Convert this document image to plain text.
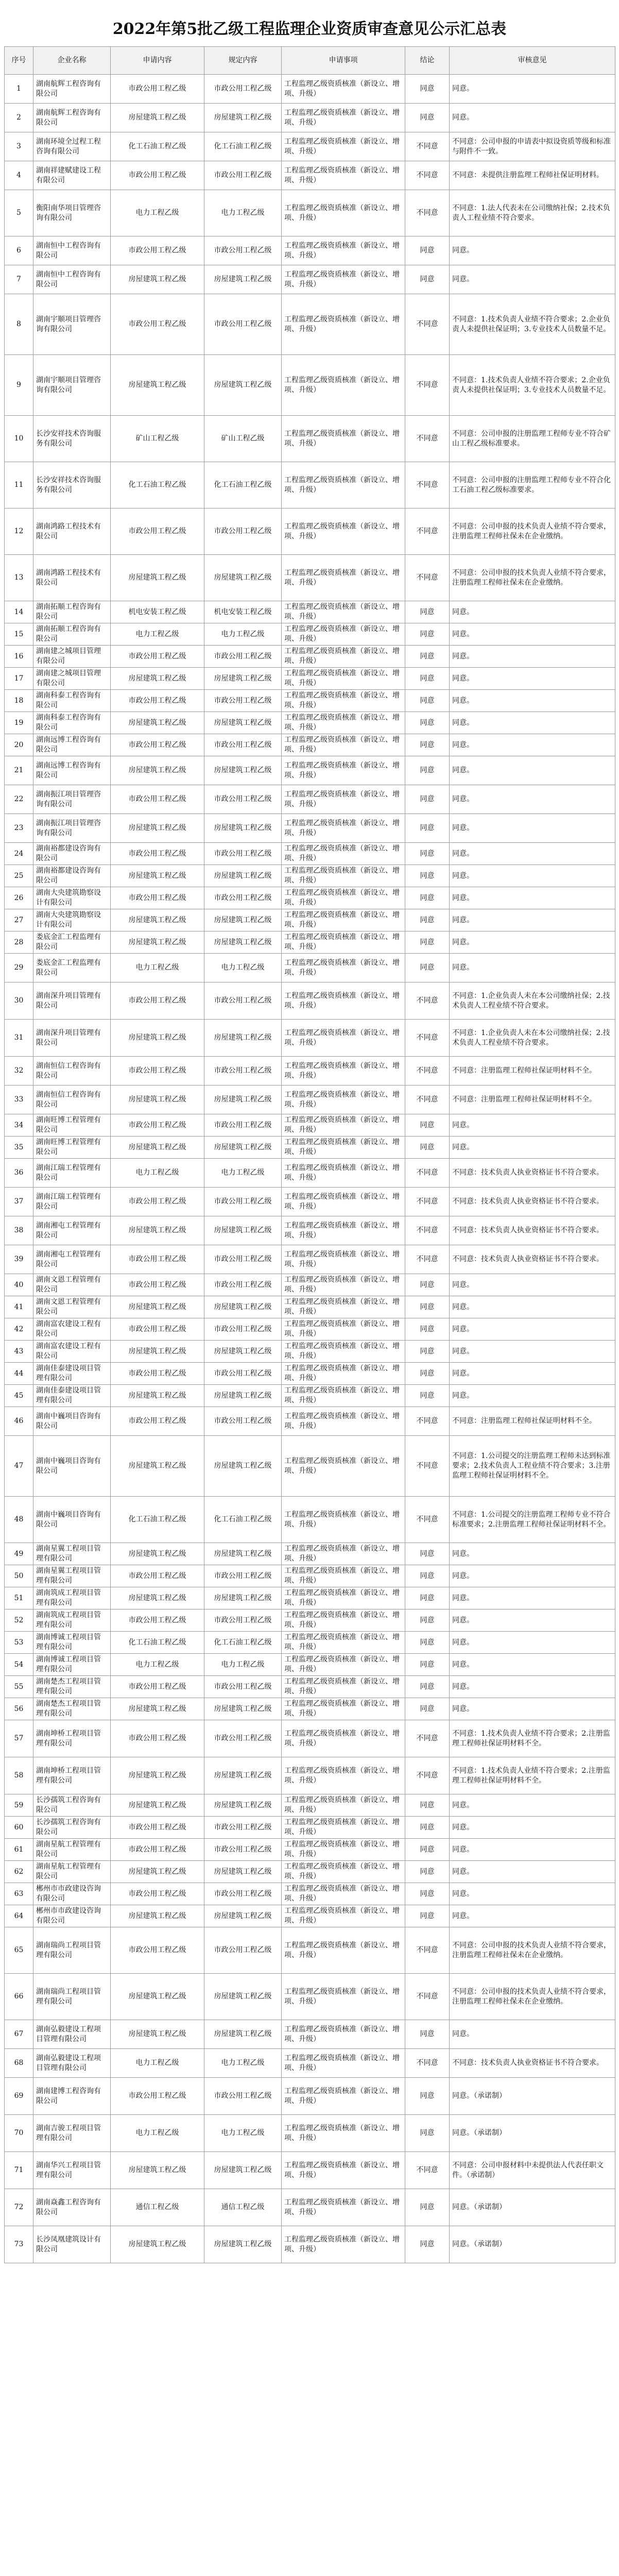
2022年第5批乙级工程监理企业资质审查意见公示汇总表
序号	企业名称	申请内容	规定内容	申请事项	结论	审核意见
1	湖南航辉工程咨询有限公司	市政公用工程乙级	市政公用工程乙级	工程监理乙级资质核准（新设立、增项、升级）	同意	同意。
2	湖南航辉工程咨询有限公司	房屋建筑工程乙级	房屋建筑工程乙级	工程监理乙级资质核准（新设立、增项、升级）	同意	同意。
3	湖南环境全过程工程咨询有限公司	化工石油工程乙级	化工石油工程乙级	工程监理乙级资质核准（新设立、增项、升级）	不同意	不同意：公司申报的申请表中拟设资质等级和标准与附件不一致。
4	湖南祥建赋建设工程有限公司	市政公用工程乙级	市政公用工程乙级	工程监理乙级资质核准（新设立、增项、升级）	不同意	不同意：未提供注册监理工程师社保证明材料。
5	衡阳南华项目管理咨询有限公司	电力工程乙级	电力工程乙级	工程监理乙级资质核准（新设立、增项、升级）	不同意	不同意：1.法人代表未在公司缴纳社保；2.技术负责人工程业绩不符合要求。
6	湖南恒中工程咨询有限公司	市政公用工程乙级	市政公用工程乙级	工程监理乙级资质核准（新设立、增项、升级）	同意	同意。
7	湖南恒中工程咨询有限公司	房屋建筑工程乙级	房屋建筑工程乙级	工程监理乙级资质核准（新设立、增项、升级）	同意	同意。
8	湖南宇顺项目管理咨询有限公司	市政公用工程乙级	市政公用工程乙级	工程监理乙级资质核准（新设立、增项、升级）	不同意	不同意：1.技术负责人业绩不符合要求；2.企业负责人未提供社保证明；3.专业技术人员数量不足。
9	湖南宇顺项目管理咨询有限公司	房屋建筑工程乙级	房屋建筑工程乙级	工程监理乙级资质核准（新设立、增项、升级）	不同意	不同意：1.技术负责人业绩不符合要求；2.企业负责人未提供社保证明；3.专业技术人员数量不足。
10	长沙安祥技术咨询服务有限公司	矿山工程乙级	矿山工程乙级	工程监理乙级资质核准（新设立、增项、升级）	不同意	不同意：公司申报的注册监理工程师专业不符合矿山工程乙级标准要求。
11	长沙安祥技术咨询服务有限公司	化工石油工程乙级	化工石油工程乙级	工程监理乙级资质核准（新设立、增项、升级）	不同意	不同意：公司申报的注册监理工程师专业不符合化工石油工程乙级标准要求。
12	湖南鸿路工程技术有限公司	市政公用工程乙级	市政公用工程乙级	工程监理乙级资质核准（新设立、增项、升级）	不同意	不同意：公司申报的技术负责人业绩不符合要求，注册监理工程师社保未在企业缴纳。
13	湖南鸿路工程技术有限公司	房屋建筑工程乙级	房屋建筑工程乙级	工程监理乙级资质核准（新设立、增项、升级）	不同意	不同意：公司申报的技术负责人业绩不符合要求，注册监理工程师社保未在企业缴纳。
14	湖南拓顺工程咨询有限公司	机电安装工程乙级	机电安装工程乙级	工程监理乙级资质核准（新设立、增项、升级）	同意	同意。
15	湖南拓顺工程咨询有限公司	电力工程乙级	电力工程乙级	工程监理乙级资质核准（新设立、增项、升级）	同意	同意。
16	湖南建之城项目管理有限公司	市政公用工程乙级	市政公用工程乙级	工程监理乙级资质核准（新设立、增项、升级）	同意	同意。
17	湖南建之城项目管理有限公司	房屋建筑工程乙级	房屋建筑工程乙级	工程监理乙级资质核准（新设立、增项、升级）	同意	同意。
18	湖南科泰工程咨询有限公司	市政公用工程乙级	市政公用工程乙级	工程监理乙级资质核准（新设立、增项、升级）	同意	同意。
19	湖南科泰工程咨询有限公司	房屋建筑工程乙级	房屋建筑工程乙级	工程监理乙级资质核准（新设立、增项、升级）	同意	同意。
20	湖南远博工程咨询有限公司	市政公用工程乙级	市政公用工程乙级	工程监理乙级资质核准（新设立、增项、升级）	同意	同意。
21	湖南远博工程咨询有限公司	房屋建筑工程乙级	房屋建筑工程乙级	工程监理乙级资质核准（新设立、增项、升级）	同意	同意。
22	湖南振江项目管理咨询有限公司	市政公用工程乙级	市政公用工程乙级	工程监理乙级资质核准（新设立、增项、升级）	同意	同意。
23	湖南振江项目管理咨询有限公司	房屋建筑工程乙级	房屋建筑工程乙级	工程监理乙级资质核准（新设立、增项、升级）	同意	同意。
24	湖南裕都建设咨询有限公司	市政公用工程乙级	市政公用工程乙级	工程监理乙级资质核准（新设立、增项、升级）	同意	同意。
25	湖南裕都建设咨询有限公司	房屋建筑工程乙级	房屋建筑工程乙级	工程监理乙级资质核准（新设立、增项、升级）	同意	同意。
26	湖南大央建筑勘察设计有限公司	市政公用工程乙级	市政公用工程乙级	工程监理乙级资质核准（新设立、增项、升级）	同意	同意。
27	湖南大央建筑勘察设计有限公司	房屋建筑工程乙级	房屋建筑工程乙级	工程监理乙级资质核准（新设立、增项、升级）	同意	同意。
28	娄底金汇工程监理有限公司	房屋建筑工程乙级	房屋建筑工程乙级	工程监理乙级资质核准（新设立、增项、升级）	同意	同意。
29	娄底金汇工程监理有限公司	电力工程乙级	电力工程乙级	工程监理乙级资质核准（新设立、增项、升级）	同意	同意。
30	湖南深升项目管理有限公司	市政公用工程乙级	市政公用工程乙级	工程监理乙级资质核准（新设立、增项、升级）	不同意	不同意：1.企业负责人未在本公司缴纳社保；2.技术负责人工程业绩不符合要求。
31	湖南深升项目管理有限公司	房屋建筑工程乙级	房屋建筑工程乙级	工程监理乙级资质核准（新设立、增项、升级）	不同意	不同意：1.企业负责人未在本公司缴纳社保；2.技术负责人工程业绩不符合要求。
32	湖南恒信工程咨询有限公司	市政公用工程乙级	市政公用工程乙级	工程监理乙级资质核准（新设立、增项、升级）	不同意	不同意：注册监理工程师社保证明材料不全。
33	湖南恒信工程咨询有限公司	房屋建筑工程乙级	房屋建筑工程乙级	工程监理乙级资质核准（新设立、增项、升级）	不同意	不同意：注册监理工程师社保证明材料不全。
34	湖南旺博工程管理有限公司	市政公用工程乙级	市政公用工程乙级	工程监理乙级资质核准（新设立、增项、升级）	同意	同意。
35	湖南旺博工程管理有限公司	房屋建筑工程乙级	房屋建筑工程乙级	工程监理乙级资质核准（新设立、增项、升级）	同意	同意。
36	湖南江瑞工程管理有限公司	电力工程乙级	电力工程乙级	工程监理乙级资质核准（新设立、增项、升级）	不同意	不同意：技术负责人执业资格证书不符合要求。
37	湖南江瑞工程管理有限公司	市政公用工程乙级	市政公用工程乙级	工程监理乙级资质核准（新设立、增项、升级）	不同意	不同意：技术负责人执业资格证书不符合要求。
38	湖南湘屯工程管理有限公司	房屋建筑工程乙级	房屋建筑工程乙级	工程监理乙级资质核准（新设立、增项、升级）	不同意	不同意：技术负责人执业资格证书不符合要求。
39	湖南湘屯工程管理有限公司	市政公用工程乙级	市政公用工程乙级	工程监理乙级资质核准（新设立、增项、升级）	不同意	不同意：技术负责人执业资格证书不符合要求。
40	湖南文恩工程管理有限公司	市政公用工程乙级	市政公用工程乙级	工程监理乙级资质核准（新设立、增项、升级）	同意	同意。
41	湖南文恩工程管理有限公司	房屋建筑工程乙级	房屋建筑工程乙级	工程监理乙级资质核准（新设立、增项、升级）	同意	同意。
42	湖南富农建设工程有限公司	市政公用工程乙级	市政公用工程乙级	工程监理乙级资质核准（新设立、增项、升级）	同意	同意。
43	湖南富农建设工程有限公司	房屋建筑工程乙级	房屋建筑工程乙级	工程监理乙级资质核准（新设立、增项、升级）	同意	同意。
44	湖南佳泰建设项目管理有限公司	市政公用工程乙级	市政公用工程乙级	工程监理乙级资质核准（新设立、增项、升级）	同意	同意。
45	湖南佳泰建设项目管理有限公司	房屋建筑工程乙级	房屋建筑工程乙级	工程监理乙级资质核准（新设立、增项、升级）	同意	同意。
46	湖南中巍项目咨询有限公司	市政公用工程乙级	市政公用工程乙级	工程监理乙级资质核准（新设立、增项、升级）	不同意	不同意：注册监理工程师社保证明材料不全。
47	湖南中巍项目咨询有限公司	房屋建筑工程乙级	房屋建筑工程乙级	工程监理乙级资质核准（新设立、增项、升级）	不同意	不同意：1.公司提交的注册监理工程师未达到标准要求；2.技术负责人工程业绩不符合要求；3.注册监理工程师社保证明材料不全。
48	湖南中巍项目咨询有限公司	化工石油工程乙级	化工石油工程乙级	工程监理乙级资质核准（新设立、增项、升级）	不同意	不同意：1.公司提交的注册监理工程师专业不符合标准要求；2.注册监理工程师社保证明材料不全。
49	湖南星翼工程项目管理有限公司	房屋建筑工程乙级	房屋建筑工程乙级	工程监理乙级资质核准（新设立、增项、升级）	同意	同意。
50	湖南星翼工程项目管理有限公司	市政公用工程乙级	市政公用工程乙级	工程监理乙级资质核准（新设立、增项、升级）	同意	同意。
51	湖南筑成工程项目管理有限公司	房屋建筑工程乙级	房屋建筑工程乙级	工程监理乙级资质核准（新设立、增项、升级）	同意	同意。
52	湖南筑成工程项目管理有限公司	市政公用工程乙级	市政公用工程乙级	工程监理乙级资质核准（新设立、增项、升级）	同意	同意。
53	湖南博诚工程项目管理有限公司	化工石油工程乙级	化工石油工程乙级	工程监理乙级资质核准（新设立、增项、升级）	同意	同意。
54	湖南博诚工程项目管理有限公司	电力工程乙级	电力工程乙级	工程监理乙级资质核准（新设立、增项、升级）	同意	同意。
55	湖南楚杰工程项目管理有限公司	市政公用工程乙级	市政公用工程乙级	工程监理乙级资质核准（新设立、增项、升级）	同意	同意。
56	湖南楚杰工程项目管理有限公司	房屋建筑工程乙级	房屋建筑工程乙级	工程监理乙级资质核准（新设立、增项、升级）	同意	同意。
57	湖南坤桥工程项目管理有限公司	市政公用工程乙级	市政公用工程乙级	工程监理乙级资质核准（新设立、增项、升级）	不同意	不同意：1.技术负责人业绩不符合要求；2.注册监理工程师社保证明材料不全。
58	湖南坤桥工程项目管理有限公司	房屋建筑工程乙级	房屋建筑工程乙级	工程监理乙级资质核准（新设立、增项、升级）	不同意	不同意：1.技术负责人业绩不符合要求；2.注册监理工程师社保证明材料不全。
59	长沙孺筑工程咨询有限公司	房屋建筑工程乙级	房屋建筑工程乙级	工程监理乙级资质核准（新设立、增项、升级）	同意	同意。
60	长沙孺筑工程咨询有限公司	市政公用工程乙级	市政公用工程乙级	工程监理乙级资质核准（新设立、增项、升级）	同意	同意。
61	湖南星航工程管理有限公司	市政公用工程乙级	市政公用工程乙级	工程监理乙级资质核准（新设立、增项、升级）	同意	同意。
62	湖南星航工程管理有限公司	房屋建筑工程乙级	房屋建筑工程乙级	工程监理乙级资质核准（新设立、增项、升级）	同意	同意。
63	郴州市市政建设咨询有限公司	市政公用工程乙级	市政公用工程乙级	工程监理乙级资质核准（新设立、增项、升级）	同意	同意。
64	郴州市市政建设咨询有限公司	房屋建筑工程乙级	房屋建筑工程乙级	工程监理乙级资质核准（新设立、增项、升级）	同意	同意。
65	湖南瑞尚工程项目管理有限公司	市政公用工程乙级	市政公用工程乙级	工程监理乙级资质核准（新设立、增项、升级）	不同意	不同意：公司申报的技术负责人业绩不符合要求，注册监理工程师社保未在企业缴纳。
66	湖南瑞尚工程项目管理有限公司	房屋建筑工程乙级	房屋建筑工程乙级	工程监理乙级资质核准（新设立、增项、升级）	不同意	不同意：公司申报的技术负责人业绩不符合要求，注册监理工程师社保未在企业缴纳。
67	湖南弘毅建设工程项目管理有限公司	房屋建筑工程乙级	房屋建筑工程乙级	工程监理乙级资质核准（新设立、增项、升级）	同意	同意。
68	湖南弘毅建设工程项目管理有限公司	电力工程乙级	电力工程乙级	工程监理乙级资质核准（新设立、增项、升级）	不同意	不同意：技术负责人执业资格证书不符合要求。
69	湖南建博工程咨询有限公司	市政公用工程乙级	市政公用工程乙级	工程监理乙级资质核准（新设立、增项、升级）	同意	同意。（承诺制）
70	湖南吉骏工程项目管理有限公司	电力工程乙级	电力工程乙级	工程监理乙级资质核准（新设立、增项、升级）	同意	同意。（承诺制）
71	湖南华兴工程项目管理有限公司	房屋建筑工程乙级	房屋建筑工程乙级	工程监理乙级资质核准（新设立、增项、升级）	不同意	不同意：公司申报材料中未提供法人代表任职文件。（承诺制）
72	湖南焱鑫工程咨询有限公司	通信工程乙级	通信工程乙级	工程监理乙级资质核准（新设立、增项、升级）	同意	同意。（承诺制）
73	长沙凤凰建筑设计有限公司	房屋建筑工程乙级	房屋建筑工程乙级	工程监理乙级资质核准（新设立、增项、升级）	同意	同意。（承诺制）
